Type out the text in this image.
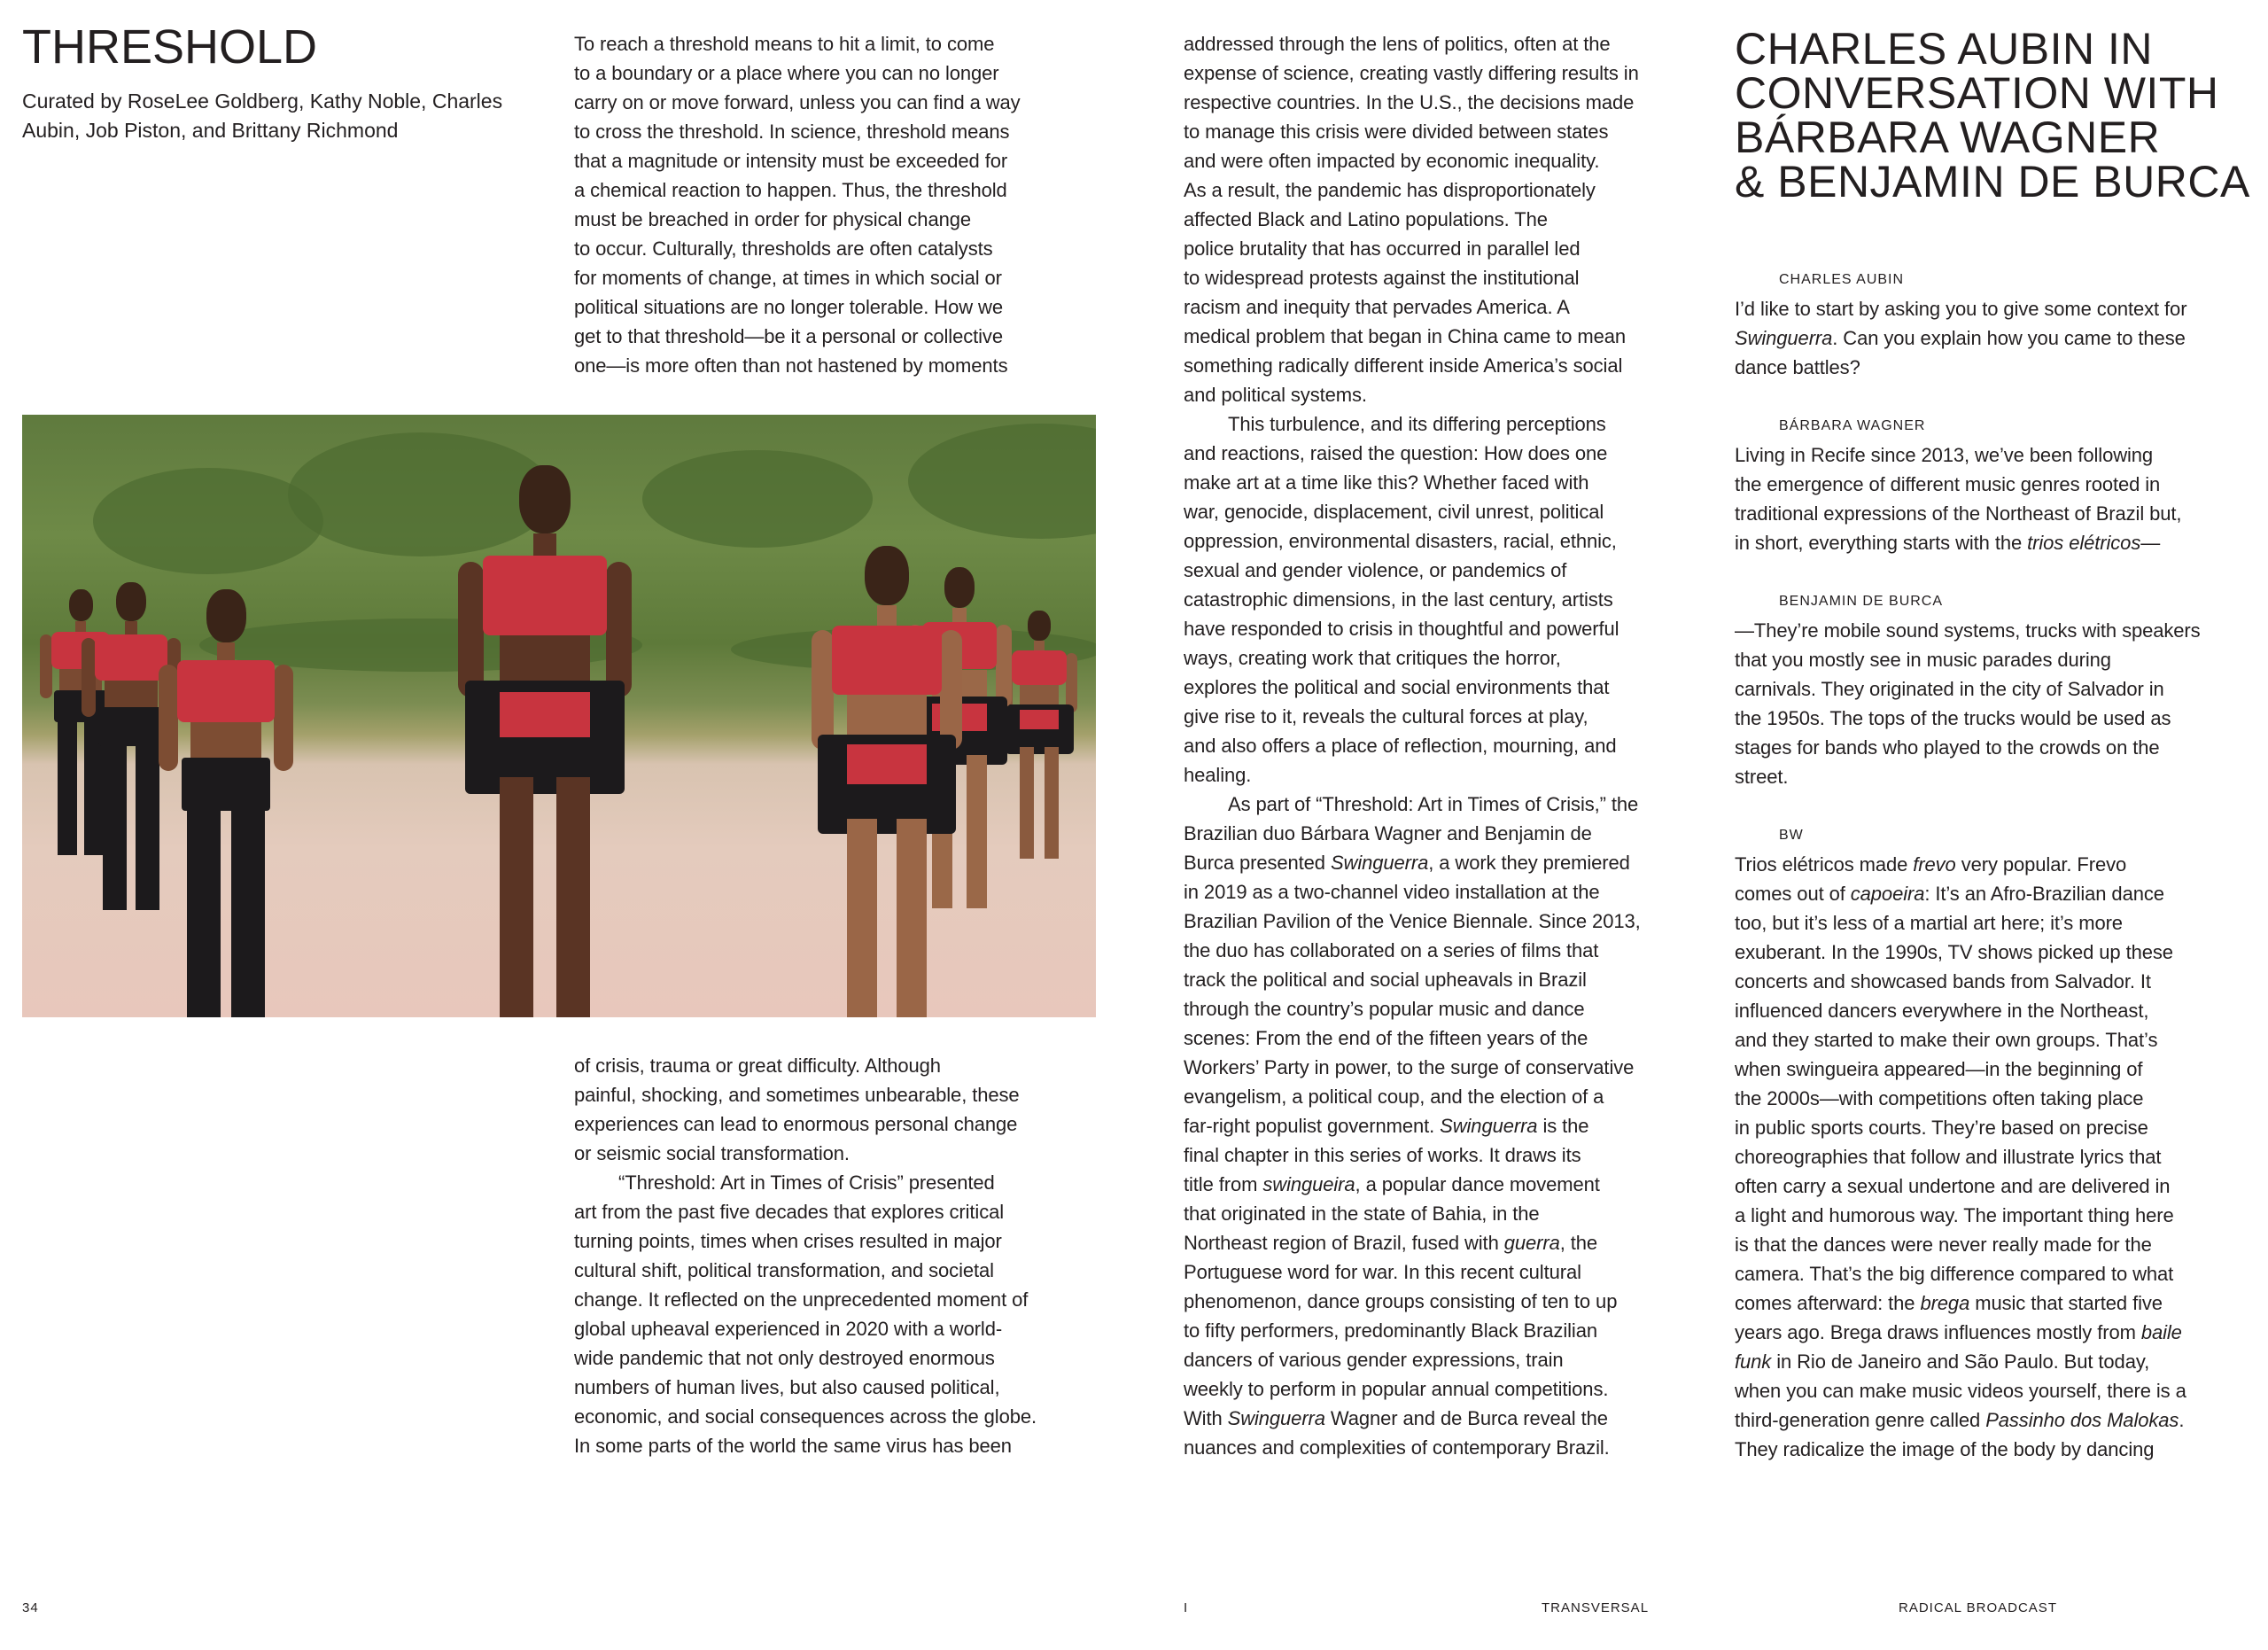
THRESHOLD
Curated by RoseLee Goldberg, Kathy Noble, Charles Aubin, Job Piston, and Brittany Richmond
To reach a threshold means to hit a limit, to come
to a boundary or a place where you can no longer
carry on or move forward, unless you can find a way
to cross the threshold. In science, threshold means
that a magnitude or intensity must be exceeded for
a chemical reaction to happen. Thus, the threshold
must be breached in order for physical change
to occur. Culturally, thresholds are often catalysts
for moments of change, at times in which social or
political situations are no longer tolerable. How we
get to that threshold—be it a personal or collective
one—is more often than not hastened by moments
of crisis, trauma or great difficulty. Although
painful, shocking, and sometimes unbearable, these
experiences can lead to enormous personal change
or seismic social transformation.
“Threshold: Art in Times of Crisis” presented
art from the past five decades that explores critical
turning points, times when crises resulted in major
cultural shift, political transformation, and societal
change. It reflected on the unprecedented moment of
global upheaval experienced in 2020 with a world-
wide pandemic that not only destroyed enormous
numbers of human lives, but also caused political,
economic, and social consequences across the globe.
In some parts of the world the same virus has been
addressed through the lens of politics, often at the
expense of science, creating vastly differing results in
respective countries. In the U.S., the decisions made
to manage this crisis were divided between states
and were often impacted by economic inequality.
As a result, the pandemic has disproportionately
affected Black and Latino populations. The
police brutality that has occurred in parallel led
to widespread protests against the institutional
racism and inequity that pervades America. A
medical problem that began in China came to mean
something radically different inside America’s social
and political systems.
This turbulence, and its differing perceptions
and reactions, raised the question: How does one
make art at a time like this? Whether faced with
war, genocide, displacement, civil unrest, political
oppression, environmental disasters, racial, ethnic,
sexual and gender violence, or pandemics of
catastrophic dimensions, in the last century, artists
have responded to crisis in thoughtful and powerful
ways, creating work that critiques the horror,
explores the political and social environments that
give rise to it, reveals the cultural forces at play,
and also offers a place of reflection, mourning, and
healing.
As part of “Threshold: Art in Times of Crisis,” the
Brazilian duo Bárbara Wagner and Benjamin de
Burca presented Swinguerra, a work they premiered
in 2019 as a two-channel video installation at the
Brazilian Pavilion of the Venice Biennale. Since 2013,
the duo has collaborated on a series of films that
track the political and social upheavals in Brazil
through the country’s popular music and dance
scenes: From the end of the fifteen years of the
Workers’ Party in power, to the surge of conservative
evangelism, a political coup, and the election of a
far-right populist government. Swinguerra is the
final chapter in this series of works. It draws its
title from swingueira, a popular dance movement
that originated in the state of Bahia, in the
Northeast region of Brazil, fused with guerra, the
Portuguese word for war. In this recent cultural
phenomenon, dance groups consisting of ten to up
to fifty performers, predominantly Black Brazilian
dancers of various gender expressions, train
weekly to perform in popular annual competitions.
With Swinguerra Wagner and de Burca reveal the
nuances and complexities of contemporary Brazil.
CHARLES AUBIN IN
CONVERSATION WITH
BÁRBARA WAGNER
& BENJAMIN DE BURCA
CHARLES AUBIN
I’d like to start by asking you to give some context for
Swinguerra. Can you explain how you came to these
dance battles?
BÁRBARA WAGNER
Living in Recife since 2013, we’ve been following
the emergence of different music genres rooted in
traditional expressions of the Northeast of Brazil but,
in short, everything starts with the trios elétricos—
BENJAMIN DE BURCA
—They’re mobile sound systems, trucks with speakers
that you mostly see in music parades during
carnivals. They originated in the city of Salvador in
the 1950s. The tops of the trucks would be used as
stages for bands who played to the crowds on the
street.
BW
Trios elétricos made frevo very popular. Frevo
comes out of capoeira: It’s an Afro-Brazilian dance
too, but it’s less of a martial art here; it’s more
exuberant. In the 1990s, TV shows picked up these
concerts and showcased bands from Salvador. It
influenced dancers everywhere in the Northeast,
and they started to make their own groups. That’s
when swingueira appeared—in the beginning of
the 2000s—with competitions often taking place
in public sports courts. They’re based on precise
choreographies that follow and illustrate lyrics that
often carry a sexual undertone and are delivered in
a light and humorous way. The important thing here
is that the dances were never really made for the
camera. That’s the big difference compared to what
comes afterward: the brega music that started five
years ago. Brega draws influences mostly from baile
funk in Rio de Janeiro and São Paulo. But today,
when you can make music videos yourself, there is a
third-generation genre called Passinho dos Malokas.
They radicalize the image of the body by dancing
34	I	TRANSVERSAL	RADICAL BROADCAST
